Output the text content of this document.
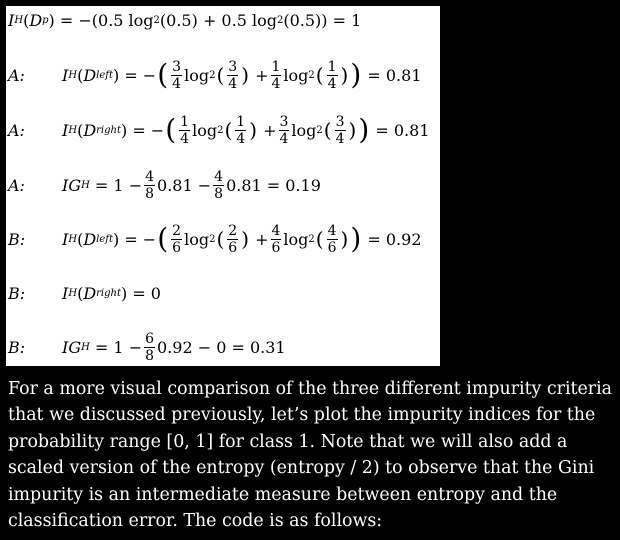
I H ( D p ) = −(0.5 log 2 (0.5) + 0.5 log 2 (0.5)) = 1
A: I H ( D left ) = − ( $\frac{3}{4}$ log 2 ( $\frac{3}{4}$ ) + $\frac{1}{4}$ log 2 ( $\frac{1}{4}$ ) )
= 0.81
A: I H ( D right ) = − ( $\frac{1}{4}$ log 2 ( $\frac{1}{4}$ ) + $\frac{3}{4}$ log 2 ( $\frac{3}{4}$ ) )
= 0.81
A: IG $H = 1 - \frac{4}{8} 0.81 - \frac{4}{8} 0.81 = 0.19$
B: I H ( D left ) = − ( $\frac{2}{6}$ log 2 ( $\frac{2}{6}$ ) + $\frac{4}{6}$ log 2 ( $\frac{4}{6}$ ) )
= 0.92
B: I H ( D right ) = 0
B: IG $H = 1 - \frac{6}{8} 0.92 - 0 = 0.31$
For a more visual comparison of the three different impurity criteria that we discussed previously, let’s plot the impurity indices for the probability range [0, 1] for class 1. Note that we will also add a scaled version of the entropy (entropy / 2) to observe that the Gini impurity is an intermediate measure between entropy and the classification error. The code is as follows:
